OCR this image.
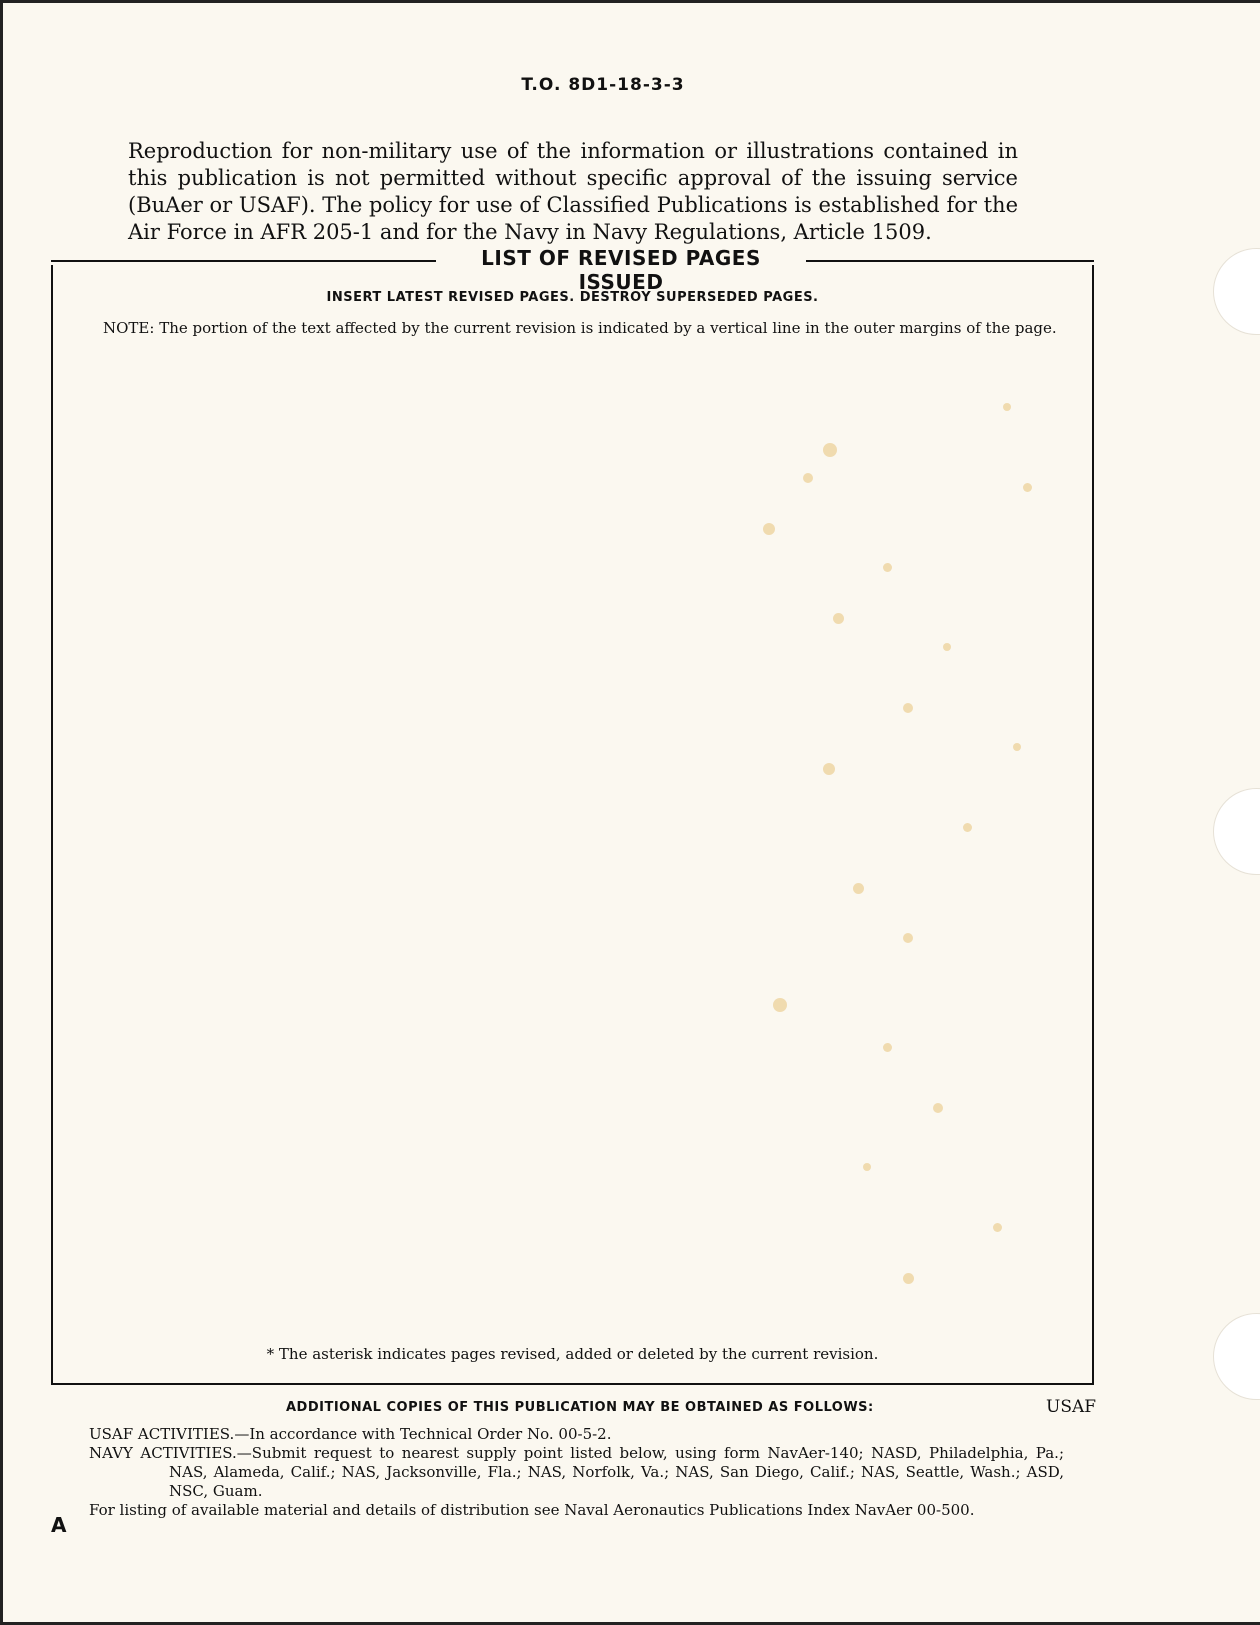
T.O. 8D1-18-3-3
Reproduction for non-military use of the information or illustrations contained in this publication is not permitted without specific approval of the issuing service (BuAer or USAF). The policy for use of Classified Publications is established for the Air Force in AFR 205-1 and for the Navy in Navy Regulations, Article 1509.
LIST OF REVISED PAGES ISSUED
INSERT LATEST REVISED PAGES. DESTROY SUPERSEDED PAGES.
NOTE: The portion of the text affected by the current revision is indicated by a vertical line in the outer margins of the page.
* The asterisk indicates pages revised, added or deleted by the current revision.
ADDITIONAL COPIES OF THIS PUBLICATION MAY BE OBTAINED AS FOLLOWS:	USAF

USAF ACTIVITIES.—In accordance with Technical Order No. 00-5-2.

NAVY ACTIVITIES.—Submit request to nearest supply point listed below, using form NavAer-140; NASD, Philadelphia, Pa.; NAS, Alameda, Calif.; NAS, Jacksonville, Fla.; NAS, Norfolk, Va.; NAS, San Diego, Calif.; NAS, Seattle, Wash.; ASD, NSC, Guam.

For listing of available material and details of distribution see Naval Aeronautics Publications Index NavAer 00-500.

A
